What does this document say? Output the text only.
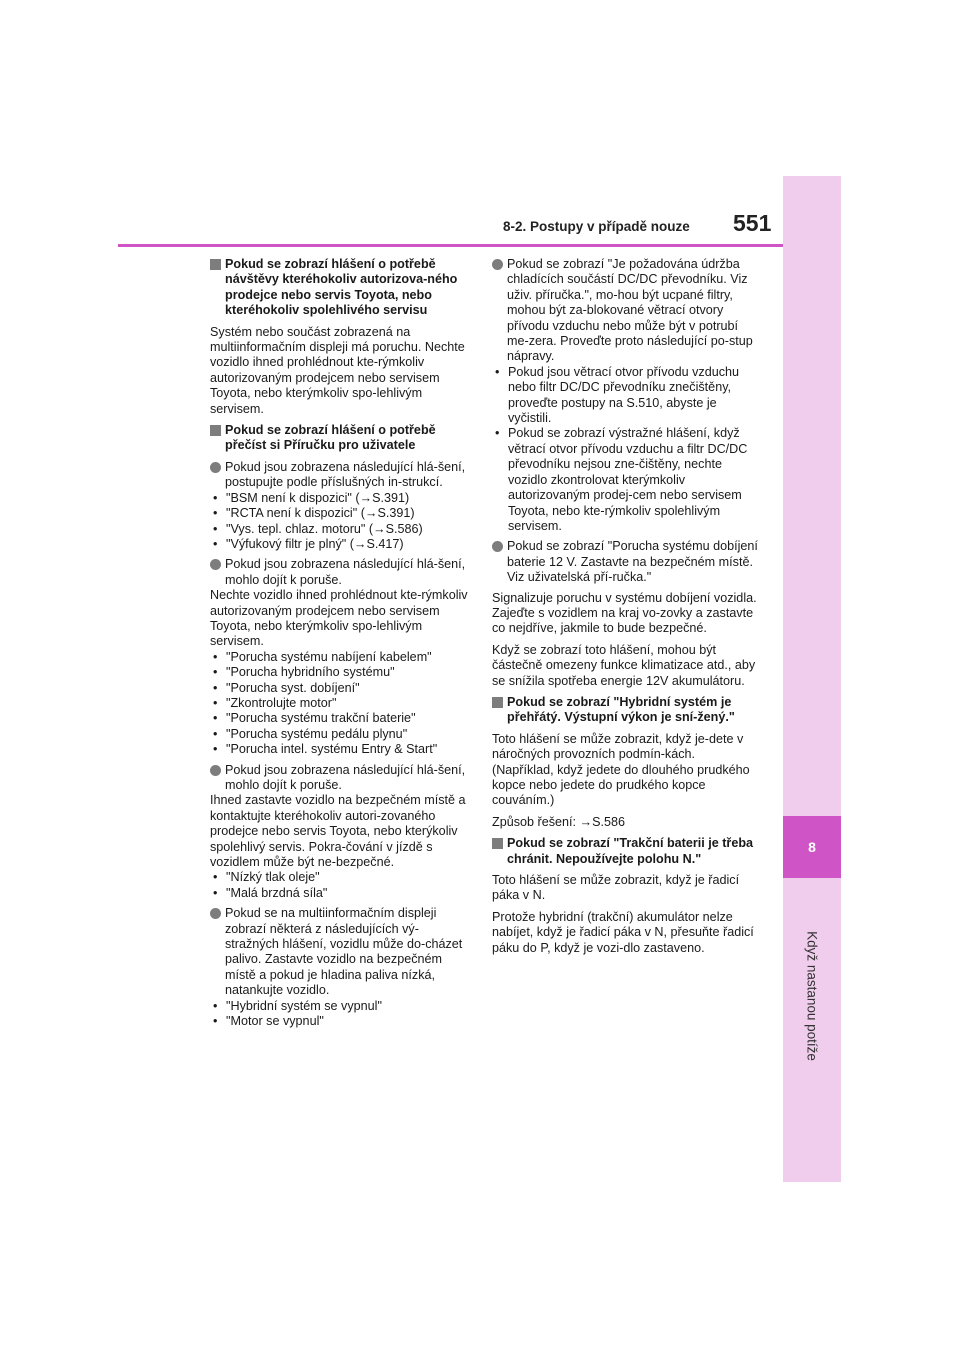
8
Když nastanou potíže
8-2. Postupy v případě nouze 551
Pokud se zobrazí hlášení o potřebě návštěvy kteréhokoliv autorizova-ného prodejce nebo servis Toyota, nebo kteréhokoliv spolehlivého servisu

Systém nebo součást zobrazená na multiinformačním displeji má poruchu. Nechte vozidlo ihned prohlédnout kte-rýmkoliv autorizovaným prodejcem nebo servisem Toyota, nebo kterýmkoliv spo-lehlivým servisem.

Pokud se zobrazí hlášení o potřebě přečíst si Příručku pro uživatele
Pokud jsou zobrazena následující hlá-šení, postupujte podle příslušných in-strukcí.
• "BSM není k dispozici" (→S.391)
• "RCTA není k dispozici" (→S.391)
• "Vys. tepl. chlaz. motoru" (→S.586)
• "Výfukový filtr je plný" (→S.417)
Pokud jsou zobrazena následující hlá-šení, mohlo dojít k poruše.

Nechte vozidlo ihned prohlédnout kte-rýmkoliv autorizovaným prodejcem nebo servisem Toyota, nebo kterýmkoliv spo-lehlivým servisem.

• "Porucha systému nabíjení kabelem"
• "Porucha hybridního systému"
• "Porucha syst. dobíjení"
• "Zkontrolujte motor"
• "Porucha systému trakční baterie"
• "Porucha systému pedálu plynu"
• "Porucha intel. systému Entry & Start"
Pokud jsou zobrazena následující hlá-šení, mohlo dojít k poruše.

Ihned zastavte vozidlo na bezpečném místě a kontaktujte kteréhokoliv autori-zovaného prodejce nebo servis Toyota, nebo kterýkoliv spolehlivý servis. Pokra-čování v jízdě s vozidlem může být ne-bezpečné.

• "Nízký tlak oleje"
• "Malá brzdná síla"
Pokud se na multiinformačním displeji zobrazí některá z následujících vý-stražných hlášení, vozidlu může do-cházet palivo. Zastavte vozidlo na bezpečném místě a pokud je hladina paliva nízká, natankujte vozidlo.
• "Hybridní systém se vypnul"
• "Motor se vypnul"
Pokud se zobrazí "Je požadována údržba chladících součástí DC/DC převodníku. Viz uživ. příručka.", mo-hou být ucpané filtry, mohou být za-blokované větrací otvory přívodu vzduchu nebo může být v potrubí me-zera. Proveďte proto následující po-stup nápravy.
• Pokud jsou větrací otvor přívodu vzduchu nebo filtr DC/DC převodníku znečištěny, proveďte postupy na S.510, abyste je vyčistili.
• Pokud se zobrazí výstražné hlášení, když větrací otvor přívodu vzduchu a filtr DC/DC převodníku nejsou zne-čištěny, nechte vozidlo zkontrolovat kterýmkoliv autorizovaným prodej-cem nebo servisem Toyota, nebo kte-rýmkoliv spolehlivým servisem.
Pokud se zobrazí "Porucha systému dobíjení baterie 12 V. Zastavte na bezpečném místě. Viz uživatelská pří-ručka."

Signalizuje poruchu v systému dobíjení vozidla. Zajeďte s vozidlem na kraj vo-zovky a zastavte co nejdříve, jakmile to bude bezpečné.

Když se zobrazí toto hlášení, mohou být částečně omezeny funkce klimatizace atd., aby se snížila spotřeba energie 12V akumulátoru.

Pokud se zobrazí "Hybridní systém je přehřátý. Výstupní výkon je sní-žený."

Toto hlášení se může zobrazit, když je-dete v náročných provozních podmín-kách. (Například, když jedete do dlouhého prudkého kopce nebo jedete do prudkého kopce couváním.)

Způsob řešení: →S.586

Pokud se zobrazí "Trakční baterii je třeba chránit. Nepoužívejte polohu N."

Toto hlášení se může zobrazit, když je řadicí páka v N.

Protože hybridní (trakční) akumulátor nelze nabíjet, když je řadicí páka v N, přesuňte řadicí páku do P, když je vozi-dlo zastaveno.
